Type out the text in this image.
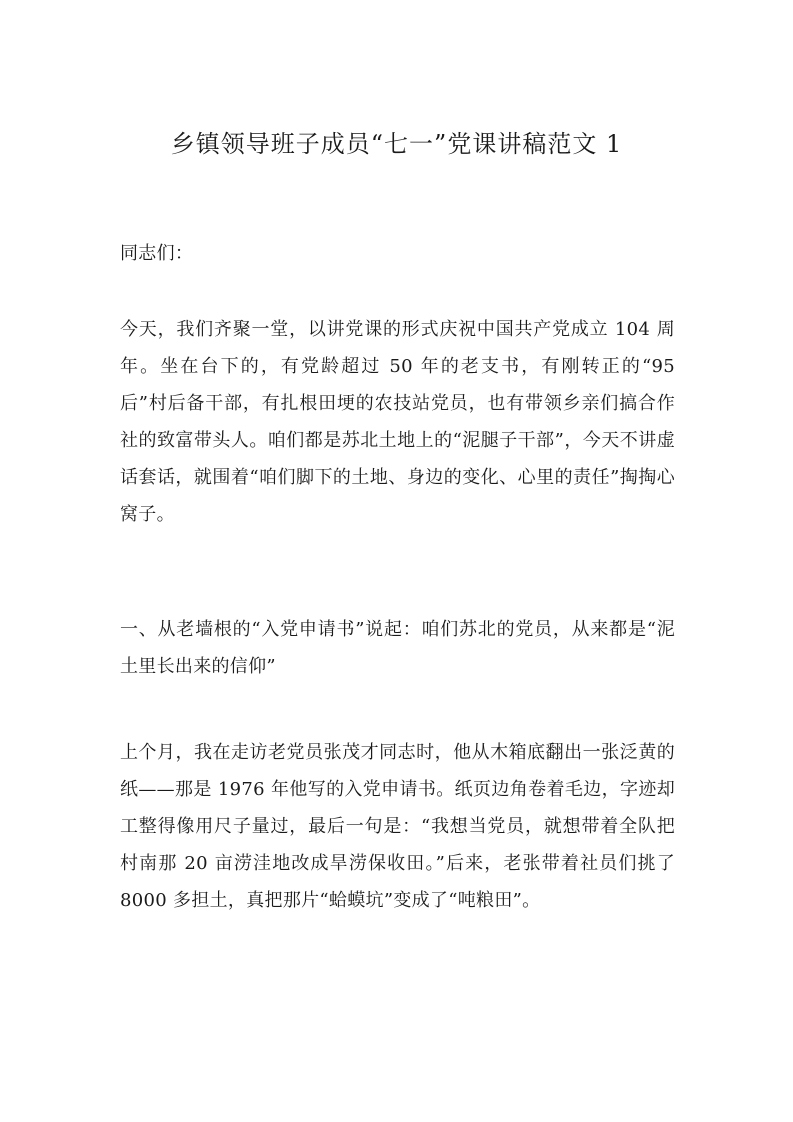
乡镇领导班子成员“七一”党课讲稿范文 1
同志们：
今天，我们齐聚一堂，以讲党课的形式庆祝中国共产党成立 104 周年。坐在台下的，有党龄超过 50 年的老支书，有刚转正的“95 后”村后备干部，有扎根田埂的农技站党员，也有带领乡亲们搞合作社的致富带头人。咱们都是苏北土地上的“泥腿子干部”，今天不讲虚话套话，就围着“咱们脚下的土地、身边的变化、心里的责任”掏掏心窝子。
一、从老墙根的“入党申请书”说起：咱们苏北的党员，从来都是“泥土里长出来的信仰”
上个月，我在走访老党员张茂才同志时，他从木箱底翻出一张泛黄的纸——那是 1976 年他写的入党申请书。纸页边角卷着毛边，字迹却工整得像用尺子量过，最后一句是：“我想当党员，就想带着全队把村南那 20 亩涝洼地改成旱涝保收田。”后来，老张带着社员们挑了 8000 多担土，真把那片“蛤蟆坑”变成了“吨粮田”。
